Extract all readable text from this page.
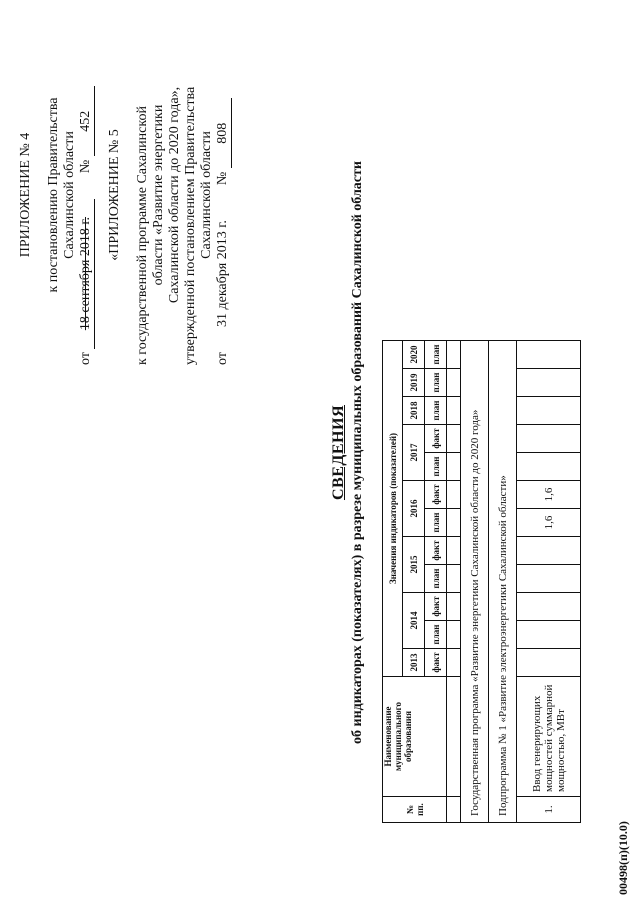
ПРИЛОЖЕНИЕ № 4 к постановлению Правительства Сахалинской области
от 18 сентября 2018 г. № 452
«ПРИЛОЖЕНИЕ № 5 к государственной программе Сахалинской области «Развитие энергетики Сахалинской области до 2020 года», утвержденной постановлением Правительства Сахалинской области
от 31 декабря 2013 г. № 808
СВЕДЕНИЯ об индикаторах (показателях) в разрезе муниципальных образований Сахалинской области
№ пп.	Наименование муниципального образования	Значения индикаторов (показателей)											
		2013	2014		2015		2016		2017		2018	2019	2020
		факт	план	факт	план	факт	план	факт	план	факт	план	план	план

Государственная программа «Развитие энергетики Сахалинской области до 2020 года»													
Подпрограмма № 1 «Развитие электроэнергетики Сахалинской области»													
1.	Ввод генерирующих мощностей суммарной мощностью, МВт						1,6	1,6					
00498(п)(10.0)
